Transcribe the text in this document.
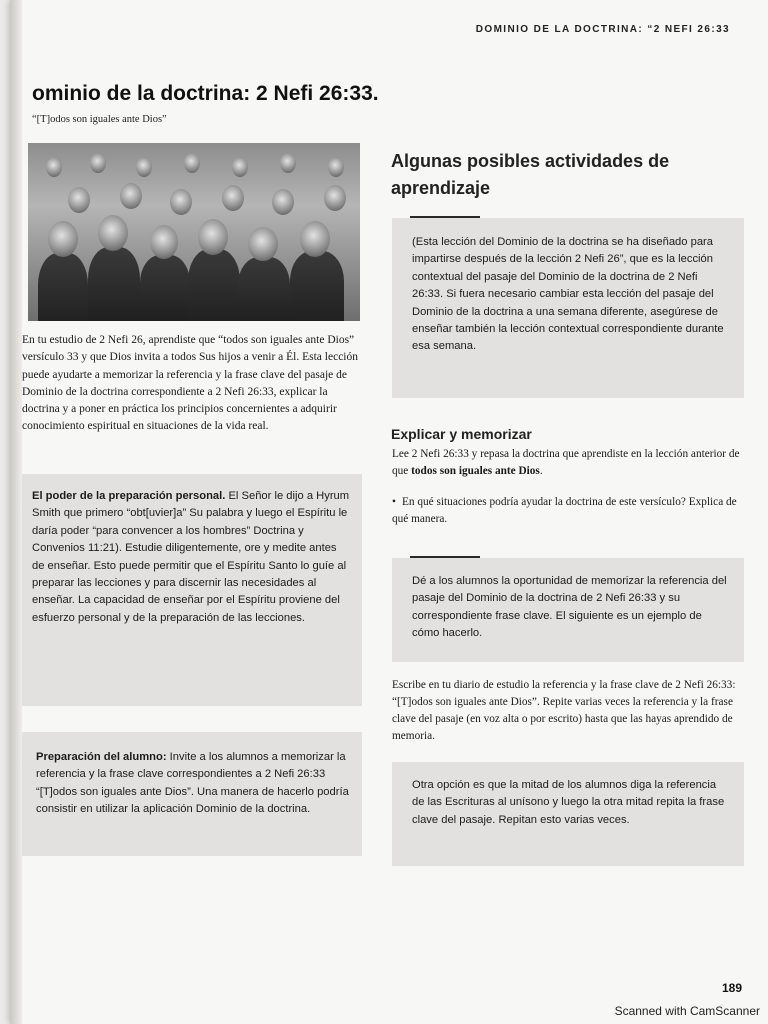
DOMINIO DE LA DOCTRINA: ‌“2 NEFI 26:33
ominio de la doctrina: 2 Nefi 26:33.
“[T]odos son iguales ante Dios”

En tu estudio de 2 Nefi 26, aprendiste que “todos son iguales ante Dios” versículo 33 y que Dios invita a todos Sus hijos a venir a Él. Esta lección puede ayudarte a memorizar la referencia y la frase clave del pasaje de Dominio de la doctrina correspondiente a 2 Nefi 26:33, explicar la doctrina y a poner en práctica los principios concernientes a adquirir conocimiento espiritual en situaciones de la vida real.

El poder de la preparación personal. El Señor le dijo a Hyrum Smith que primero “obt[uvier]a” Su palabra y luego el Espíritu le daría poder “para convencer a los hombres” Doctrina y Convenios 11:21). Estudie diligentemente, ore y medite antes de enseñar. Esto puede permitir que el Espíritu Santo lo guíe al preparar las lecciones y para discernir las necesidades al enseñar. La capacidad de enseñar por el Espíritu proviene del esfuerzo personal y de la preparación de las lecciones.

Preparación del alumno: Invite a los alumnos a memorizar la referencia y la frase clave correspondientes a 2 Nefi 26:33 “[T]odos son iguales ante Dios”. Una manera de hacerlo podría consistir en utilizar la aplicación Dominio de la doctrina.

Algunas posibles actividades de aprendizaje

(Esta lección del Dominio de la doctrina se ha diseñado para impartirse después de la lección 2 Nefi 26”, que es la lección contextual del pasaje del Dominio de la doctrina de 2 Nefi 26:33. Si fuera necesario cambiar esta lección del pasaje del Dominio de la doctrina a una semana diferente, asegúrese de enseñar también la lección contextual correspondiente durante esa semana.

Explicar y memorizar

Lee 2 Nefi 26:33 y repasa la doctrina que aprendiste en la lección anterior de que todos son iguales ante Dios.

• En qué situaciones podría ayudar la doctrina de este versículo? Explica de qué manera.

Dé a los alumnos la oportunidad de memorizar la referencia del pasaje del Dominio de la doctrina de 2 Nefi 26:33 y su correspondiente frase clave. El siguiente es un ejemplo de cómo hacerlo.

Escribe en tu diario de estudio la referencia y la frase clave de 2 Nefi 26:33: “[T]odos son iguales ante Dios”. Repite varias veces la referencia y la frase clave del pasaje (en voz alta o por escrito) hasta que las hayas aprendido de memoria.

Otra opción es que la mitad de los alumnos diga la referencia de las Escrituras al unísono y luego la otra mitad repita la frase clave del pasaje. Repitan esto varias veces.

189
Scanned with CamScanner
